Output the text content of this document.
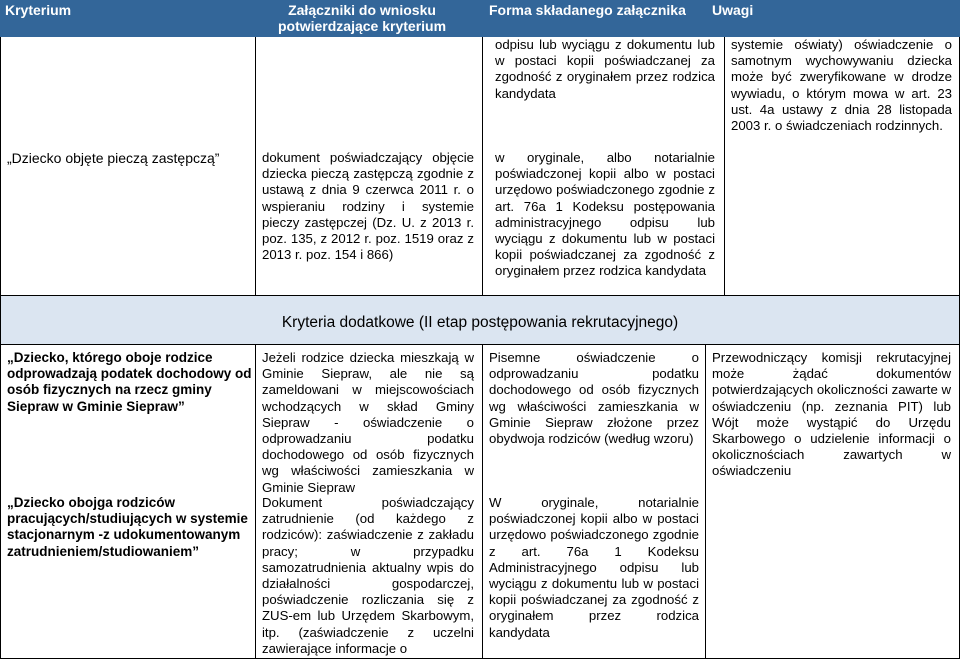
Kryterium	Załączniki do wniosku potwierdzające kryterium
Forma składanego załącznika Uwagi
odpisu lub wyciągu z dokumentu lub w postaci kopii poświadczanej za zgodność z oryginałem przez rodzica kandydata
systemie oświaty) oświadczenie o samotnym wychowywaniu dziecka może być zweryfikowane w drodze wywiadu, o którym mowa w art. 23 ust. 4a ustawy z dnia 28 listopada 2003 r. o świadczeniach rodzinnych.
„Dziecko objęte pieczą zastępczą”	dokument poświadczający objęcie dziecka pieczą zastępczą zgodnie z ustawą z dnia 9 czerwca 2011 r. o wspieraniu rodziny i systemie pieczy zastępczej (Dz. U. z 2013 r. poz. 135, z 2012 r. poz. 1519 oraz z 2013 r. poz. 154 i 866)
w oryginale, albo notarialnie poświadczonej kopii albo w postaci urzędowo poświadczonego zgodnie z art. 76a 1 Kodeksu postępowania administracyjnego odpisu lub wyciągu z dokumentu lub w postaci kopii poświadczanej za zgodność z oryginałem przez rodzica kandydata
Kryteria dodatkowe (II etap postępowania rekrutacyjnego)
„Dziecko, którego oboje rodzice odprowadzają podatek dochodowy od osób fizycznych na rzecz gminy Siepraw w Gminie Siepraw”
„Dziecko obojga rodziców pracujących/studiujących w systemie stacjonarnym -z udokumentowanym zatrudnieniem/studiowaniem”
Jeżeli rodzice dziecka mieszkają w Gminie Siepraw, ale nie są zameldowani w miejscowościach wchodzących w skład Gminy Siepraw - oświadczenie o odprowadzaniu podatku dochodowego od osób fizycznych wg właściwości zamieszkania w Gminie Siepraw
Dokument poświadczający zatrudnienie (od każdego z rodziców): zaświadczenie z zakładu pracy; w przypadku samozatrudnienia aktualny wpis do działalności gospodarczej, poświadczenie rozliczania się z ZUS-em lub Urzędem Skarbowym, itp. (zaświadczenie z uczelni zawierające informacje o
Pisemne oświadczenie o odprowadzaniu podatku dochodowego od osób fizycznych wg właściwości zamieszkania w Gminie Siepraw złożone przez obydwoja rodziców (według wzoru)
W oryginale, notarialnie poświadczonej kopii albo w postaci urzędowo poświadczonego zgodnie z art. 76a 1 Kodeksu Administracyjnego odpisu lub wyciągu z dokumentu lub w postaci kopii poświadczanej za zgodność z oryginałem przez rodzica kandydata
Przewodniczący komisji rekrutacyjnej może żądać dokumentów potwierdzających okoliczności zawarte w oświadczeniu (np. zeznania PIT) lub Wójt może wystąpić do Urzędu Skarbowego o udzielenie informacji o okolicznościach zawartych w oświadczeniu
